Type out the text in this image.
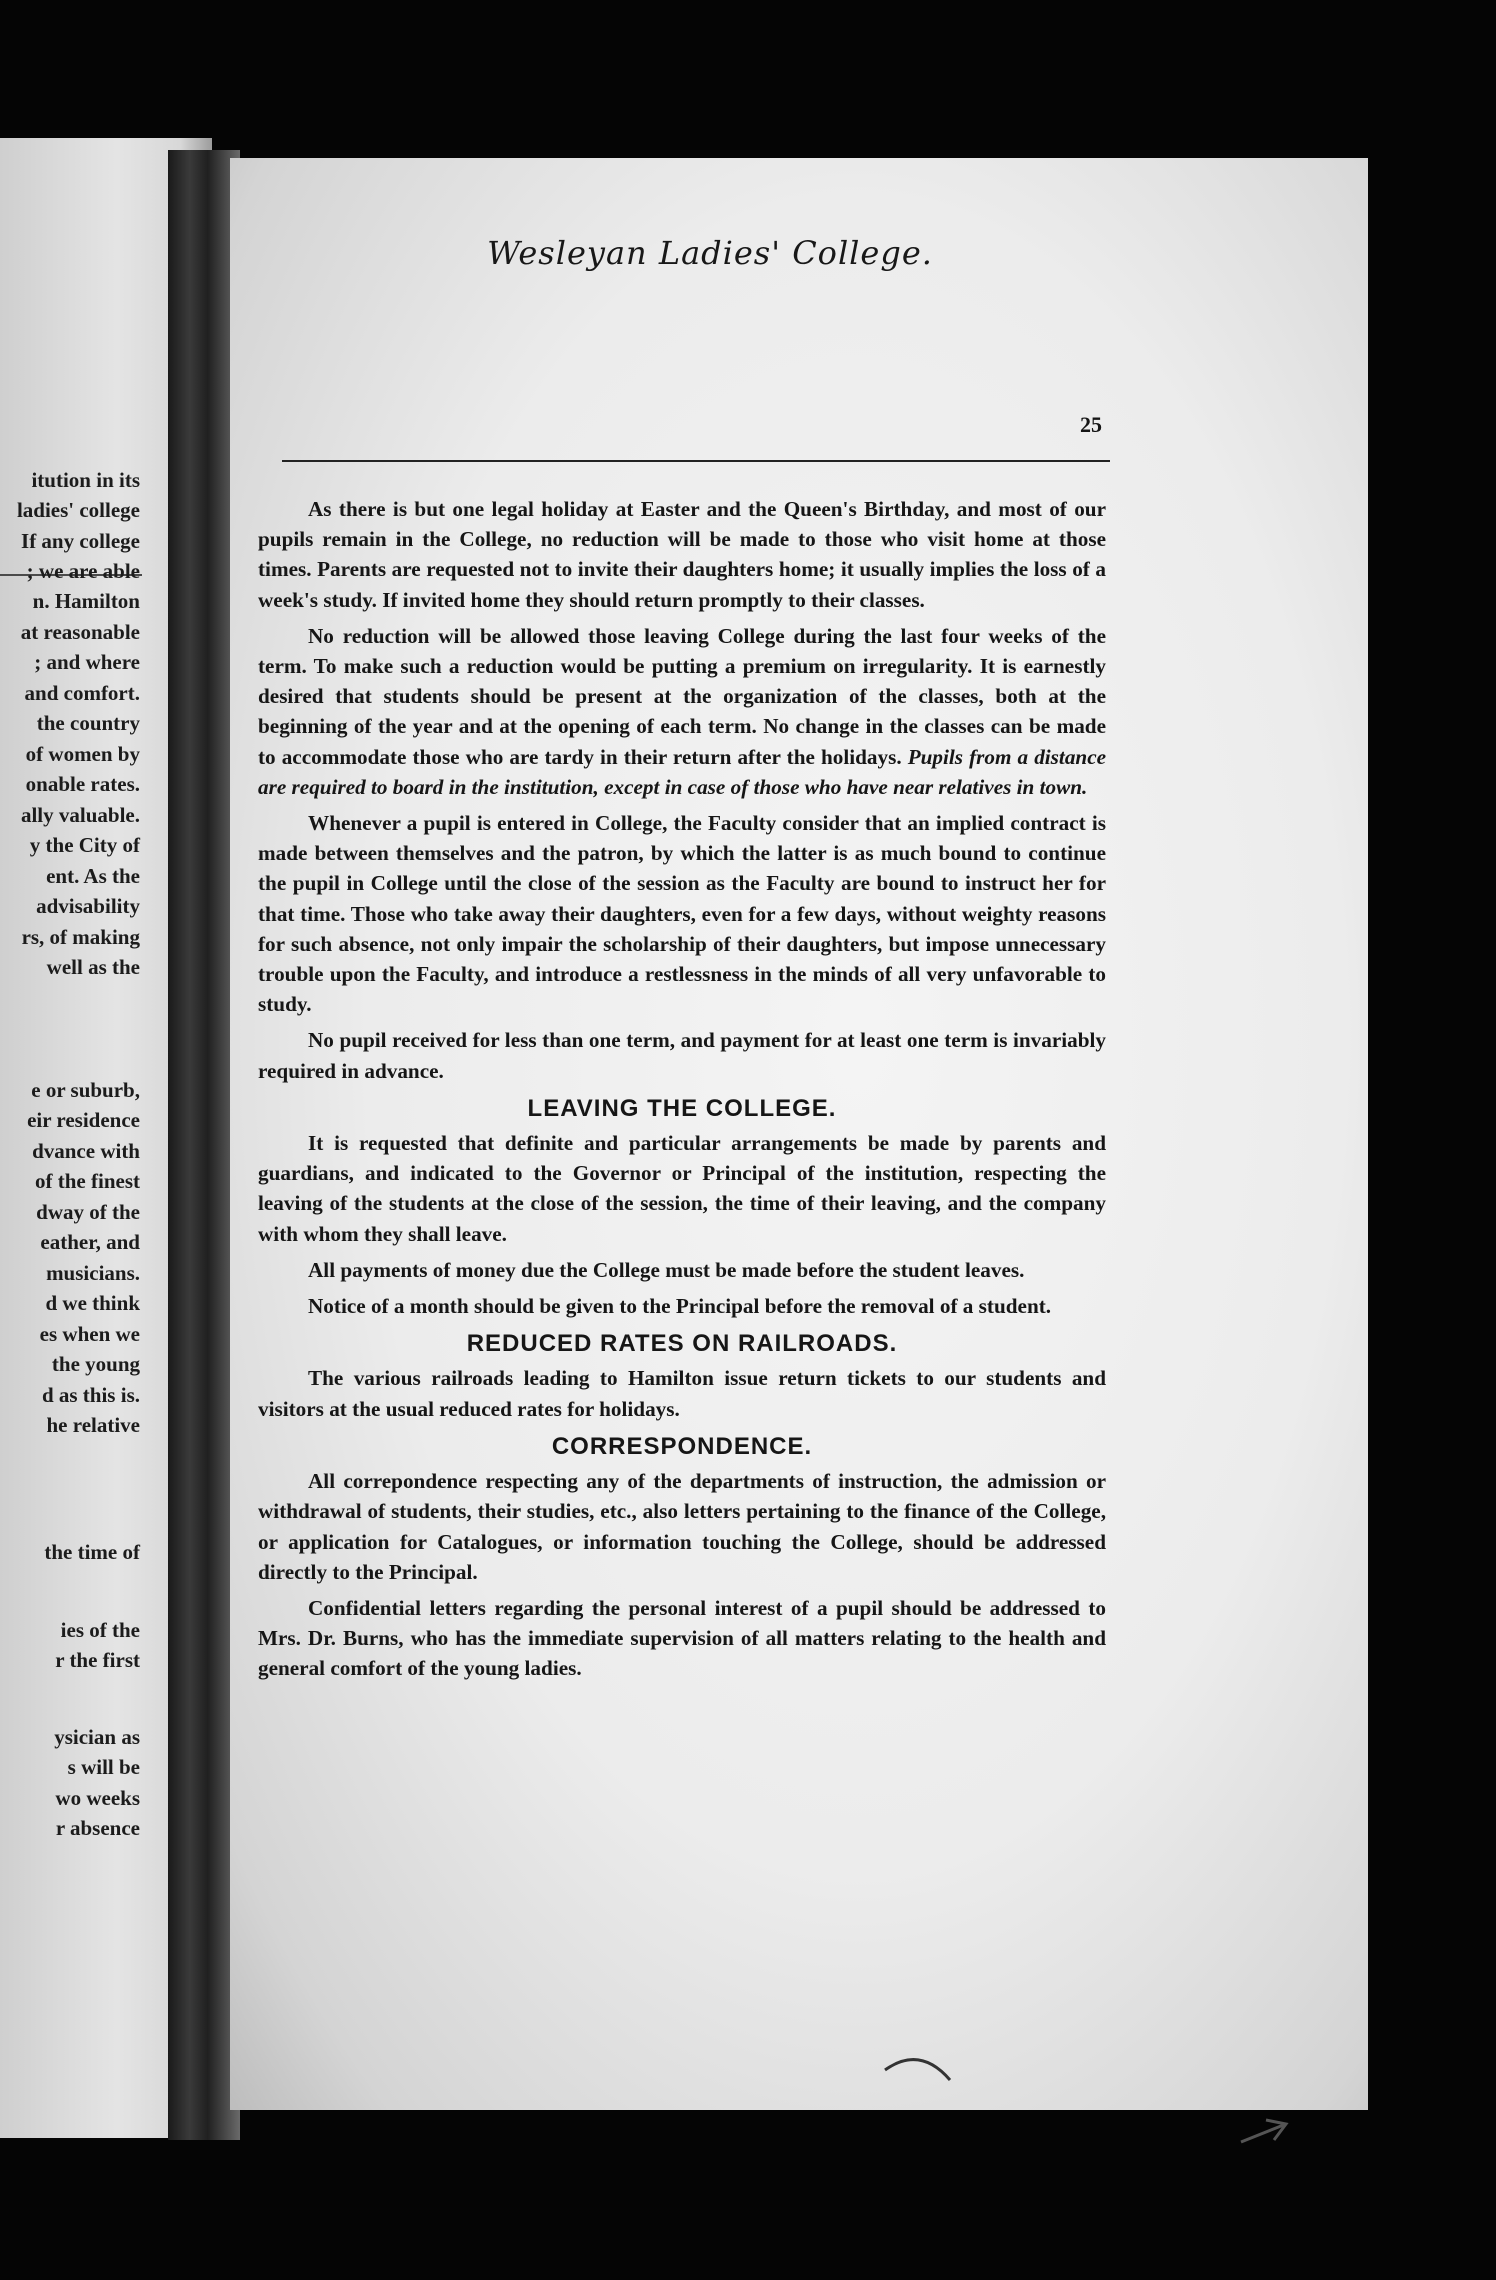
itution in its
ladies' college
If any college
; we are able
n. Hamilton
at reasonable
; and where
and comfort.
the country
of women by
onable rates.
ally valuable.
y the City of
ent. As the
advisability
rs, of making
well as the
e or suburb,
eir residence
dvance with
of the finest
dway of the
eather, and
musicians.
d we think
es when we
the young
d as this is.
he relative
the time of
ies of the
r the first
ysician as
s will be
wo weeks
r absence
Wesleyan Ladies' College.
25

As there is but one legal holiday at Easter and the Queen's Birthday, and most of our pupils remain in the College, no reduction will be made to those who visit home at those times. Parents are requested not to invite their daughters home; it usually implies the loss of a week's study. If invited home they should return promptly to their classes.

No reduction will be allowed those leaving College during the last four weeks of the term. To make such a reduction would be putting a premium on irregularity. It is earnestly desired that students should be present at the organization of the classes, both at the beginning of the year and at the opening of each term. No change in the classes can be made to accommodate those who are tardy in their return after the holidays. Pupils from a distance are required to board in the institution, except in case of those who have near relatives in town.

Whenever a pupil is entered in College, the Faculty consider that an implied contract is made between themselves and the patron, by which the latter is as much bound to continue the pupil in College until the close of the session as the Faculty are bound to instruct her for that time. Those who take away their daughters, even for a few days, without weighty reasons for such absence, not only impair the scholarship of their daughters, but impose unnecessary trouble upon the Faculty, and introduce a restlessness in the minds of all very unfavorable to study.

No pupil received for less than one term, and payment for at least one term is invariably required in advance.

LEAVING THE COLLEGE.

It is requested that definite and particular arrangements be made by parents and guardians, and indicated to the Governor or Principal of the institution, respecting the leaving of the students at the close of the session, the time of their leaving, and the company with whom they shall leave.

All payments of money due the College must be made before the student leaves.

Notice of a month should be given to the Principal before the removal of a student.

REDUCED RATES ON RAILROADS.

The various railroads leading to Hamilton issue return tickets to our students and visitors at the usual reduced rates for holidays.

CORRESPONDENCE.

All correpondence respecting any of the departments of instruction, the admission or withdrawal of students, their studies, etc., also letters pertaining to the finance of the College, or application for Catalogues, or information touching the College, should be addressed directly to the Principal.

Confidential letters regarding the personal interest of a pupil should be addressed to Mrs. Dr. Burns, who has the immediate supervision of all matters relating to the health and general comfort of the young ladies.
